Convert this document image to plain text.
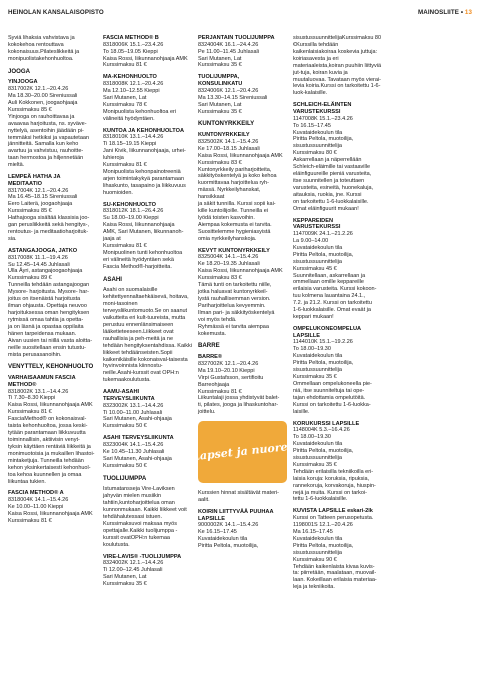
HEINOLAN KANSALAISOPISTO	MAINOSLIITE • 13
Syviä lihaksia vahvistava ja kokokehoa rentouttava kokonaisuus.Pilateslikkeitä ja monipuolistakehonhuoltoa.
JOOGA
YINJOOGA
8317002K 12.1.–20.4.26
Ma 18.30–20.00 Sireniussali
Auli Kokkonen, joogaohjaaja
Kurssimaksu 85 €
Yinjooga on rauhoittavaa ja
avaavaa harjoitusta, ns. syväve-
nyttelyä, asentoihin jäädään pi-
temmäksi hetkiksi ja vapautetaan
jännitteitä. Samalla kun keho
avartuu ja vahvistuu, rauhoitte-
taan hermostoa ja hiljennetään
mieltä.
LEMPEÄ HATHA JA
MEDITAATIO
8317004K 12.1.–20.4.26
Ma 16.45–18.15 Sireniussali
Eero Laiterä, joogaohjaaja
Kurssimaksu 85 €
Hathajooga sisältää klassisia joo-
gan perusliikkeitä sekä hengitys-,
rentoutus- ja meditaatioharjoituk-
sia.
ASTANGAJOOGA, JATKO
8317008K 11.1.–19.4.26
Su 12.45–14.45 Juhlasali
Ulla Äyri, astangajoogaohjaaja
Kurssimaksu 89 €
Tunneilla tehdään astangajoogan
Mysore- harjoitusta. Mysore- har-
joitus on itsenäistä harjoitusta
ilman ohjausta. Opettaja neuvoo
harjoituksessa oman hengityksen
rytmissä omaa tahtia ja opetta-
ja on läsnä ja opastaa oppilaita
hänen tarpeidensa mukaan.
Aivan uusien tai niillä vasta aloitta-
neille suositellaan ensin tutustu-
mista perusasanoihin.
VENYTTELY, KEHONHUOLTO
VARHAISAAMUN FASCIA
METHOD®
8318002K 13.1.–14.4.26
Ti 7.30–8.30 Kieppi
Kaisa Rossi, liikunnanohjaaja AMK
Kurssimaksu 81 €
FasciaMethod® on kokonaisval-
taista kehonhuoltoa, jossa keski-
tytään parantamaan liikkuvuutta
toiminnallisin, aktiivisin venyt-
tyksin käyttäen rentäviä liikkeitä ja
monimuotoisia ja mukaillen lihastoi-
mintaketjuja. Tunneilla tehdään
kehon yksinkertaisesti kehonhuol-
toa kehoa kuunnellen ja omaa
liikuntaa tukien.
FASCIA METHOD® A
8318004K 14.1.–15.4.26
Ke 10.00–11.00 Kieppi
Kaisa Rossi, liikunnanohjaaja AMK
Kurssimaksu 81 €
FASCIA METHOD® B
8318006K 15.1.–23.4.26
To 18.05–19.05 Kieppi
Kaisa Rossi, liikunnanohjaaja AMK
Kurssimaksu 81 €
MA-KEHONHUOLTO
8318008K 12.1.–20.4.26
Ma 12.10–12.55 Kieppi
Sari Mutanen, Lat
Kurssimaksu 78 €
Monipuolista kehonhuoltoa eri
välineitä hyödyntäen.
KUNTOA JA KEHONHUOLTOA
8318010K 13.1.–14.4.26
Ti 18.15–19.15 Kieppi
Jani Kivik, liikunnanohjaaja, urhei-
luhieroja
Kurssimaksu 81 €
Monipuolista kehonpainotreeniä
arjen toimintakykyä parantamaan
lihaskunto, tasapaino ja liikkuvuus
huomioiden.
SU-KEHONHUOLTO
8318012K 18.1.–26.4.26
Su 18.00–19.00 Kieppi
Kaisa Rossi, liikunnanohjaaja
AMK, Sari Mutanen, liikunnanoh-
jaaja at
Kurssimaksu 81 €
Monipuolinen tunti kehonhuoltoa
eri välineitä hyödyntäen sekä
Fascia Method®-harjoitteita.
ASAHI
Asahi on suomalaisille kehitettyennaltaehkäisevä, hoitava, moni-tasoinen terveysliikuntomuoto.Se on saanut vaikutteita eri kult-tuureista, mutta perustuu ennenlänsimaiseen lääketieteeseen.Liikkeet ovat rauhallisia ja peh-meitä ja ne tehdään hengityksentahdissa. Kaikki liikkeet tehdäänseisten.Sopii kaikenikäisille kokonaisval-taisesta hyvinvoinnista kiinnostu-neille.Asahi-kurssit ovat OPH:n tukemaakoulutusta.
AAMU-ASAHI
TERVEYSLIIKUNTA
8323002K 13.1.–14.4.26
Ti 10.00–11.00 Juhlasali
Sari Mutanen, Asahi-ohjaaja
Kurssimaksu 50 €
ASAHI TERVEYSLIIKUNTA
8323004K 14.1.–15.4.26
Ke 10.45–11.30 Juhlasali
Sari Mutanen, Asahi-ohjaaja
Kurssimaksu 50 €
TUOLIJUMPPA
Istumatansseja Vire-Laviksen jahyvän mielen musiikin tahtiin,kuntoharjoittelua oman kunnonmukaan. Kaikki liikkeet voit tehdähalutessasi istuen. Kurssimaksuvoi maksaa myös opettajalle.Kaikki tuolijumppa -kurssit ovatOPH:n tukemaa koulutusta.
VIRE-LAVIS® -TUOLIJUMPPA
8324002K 12.1.–14.4.26
Ti 12.00–12.45 Juhlasali
Sari Mutanen, Lat
Kurssimaksu 35 €
PERJANTAIN TUOLIJUMPPA
8324004K 16.1.–24.4.26
Pe 11.00–11.45 Juhlasali
Sari Mutanen, Lat
Kurssimaksu 35 €
TUOLIJUMPPA,
KONSULINKATU
8324006K 12.1.–20.4.26
Ma 13.30–14.15 Sireniussali
Sari Mutanen, Lat
Kurssimaksu 35 €
KUNTONYRKKEILY
KUNTONYRKKEILY
8325002K 14.1.–15.4.26
Ke 17.00–18.15 Juhlasali
Kaisa Rossi, liikunnanohjaaja AMK
Kurssimaksu 83 €
Kuntonyrkkeily pariharjoitteita,
säkkityöskentelyä ja koko kehoa
kuormittavaa harjoittelua ryh-
mässä. Nyrkkeilyhanskat, hansikkaat
ja säkit tunnilla. Kurssi sopii kai-
kille kuntoilijoille. Tunneilla ei
lyödä toisten kasvoihin.
Aiempaa kokemusta ei tarvita.
Suosittelemme hygieniasyistä
omia nyrkkeilyhanskoja.
KEVYT KUNTONYRKKEILY
8325004K 14.1.–15.4.26
Ke 18.20–19.35 Juhlasali
Kaisa Rossi, liikunnanohjaaja AMK
Kurssimaksu 83 €
Tämä tunti on tarkoitettu niille,
jotka haluavat kuntonyrkkeil-
lystä rauhallisemman version.
Pariharjoittelua kevyemmin.
Ilman pari- ja säkkityöskentelyä
voi myös tehdä.
Ryhmässä ei tarvita aiempaa
kokemusta.
BARRE
BARRE®
8327002K 12.1.–20.4.26
Ma 19.10–20.10 Kieppi
Virpi Gustafsson, sertifioitu
Barreohjaaja
Kurssimaksu 81 €
Liikuntalaji jossa yhdistyvät balet-
ti, pilates, jooga ja lihaskuntohar-
joittelu.
Lapset ja nuoret
Kurssien hinnat sisältävät materi-aalit.
KOIRIN LIITTYVÄÄ PUUHAA
LAPSILLE
9000002K 14.1.–15.4.26
Ke 16.15–17.45
Kuvataidekoulun tila
Piritta Peltola, muotoilija,
sisustussuunnittelijaKurssimaksu 80 €Kurssilla tehdään kaikenlaisiakoiraa koskevia juttuja: koiriasavesta ja eri materiaaleista,koiran puuhiin liittyviä jut-tuja, koiran kuvia ja muutaluovaa. Tavataan myös vierai-levia koiria.Kurssi on tarkoitettu 1-6-luok-kalaisille.
SCHLEICH-ELÄINTEN
VARUSTEKURSSI
1147008K 15.1.–23.4.26
To 16.15–17.45
Kuvataidekoulun tila
Piritta Peltola, muotoilija,
sisustussuunnittelija
Kurssimaksu 80 €
Askarrellaan ja näperrellään
Schleich-eläimille tai vastaaville
eläinfiguureille pieniä varusteita,
itse suunnitellen ja toteuttaen
varusteita, esineitä, huonekaluja,
aitauksia, ruokia, jne. Kurssi
on tarkoitettu 1-6-luokkalaisille.
Omat eläinfiguurit mukaan!
KEPPAREIDEN
VARUSTEKURSSI
1147009K 24.1.–21.2.26
La 9.00–14.00
Kuvataidekoulun tila
Piritta Peltola, muotoilija,
sisustussuunnittelija
Kurssimaksu 45 €
Suunnitellaan, askarrellaan ja
ommellaan omille keppareille
erilaisia varusteita. Kurssi kokoon-
tuu kolmena lauantaina 24.1.,
7.2. ja 21.2. Kurssi on tarkoitettu
1-6-luokkalaisille. Omat evaät ja
keppari mukaan!
OMPELUKONEOMPELUA
LAPSILLE
1144010K 15.1.–19.2.26
To 18.00–19.30
Kuvataidekoulun tila
Piritta Peltola, muotoilija,
sisustussuunnittelija
Kurssimaksu 35 €
Ommellaan ompelukoneella pie-
niä, itse suunniteltuja tai ope-
tajan ehdottamia ompelutöitä.
Kurssi on tarkoitettu 1-6-luokka-
laisille.
KORUKURSSI LAPSILLE
1148004K 5.3.–16.4.26
To 18.00–19.30
Kuvataidekoulun tila
Piritta Peltola, muotoilija,
sisustussuunnittelija
Kurssimaksu 35 €
Tehdään erilaisilla tekniikoilla eri-
laisia koruja: koruksia, ripuksia,
rannekoruja, korvakoruja, hiuspin-
nejä ja muita. Kurssi on tarkoi-
tettu 1-6-luokkalaisille.
KUVISTA LAPSILLE eskari-2lk
Kurssi on Tatteen perusopetusta.
1198001S 12.1.–20.4.26
Ma 16.15–17.45
Kuvataidekoulun tila
Piritta Peltola, muotoilija,
sisustussuunnittelija
Kurssimaksu 90 €
Tehdään kaikenlaista kivaa kuvis-
ta: piirretään, maalataan, muovail-
laan. Kokeillaan erilaisia materiaa-
leja ja tekniikoita.
